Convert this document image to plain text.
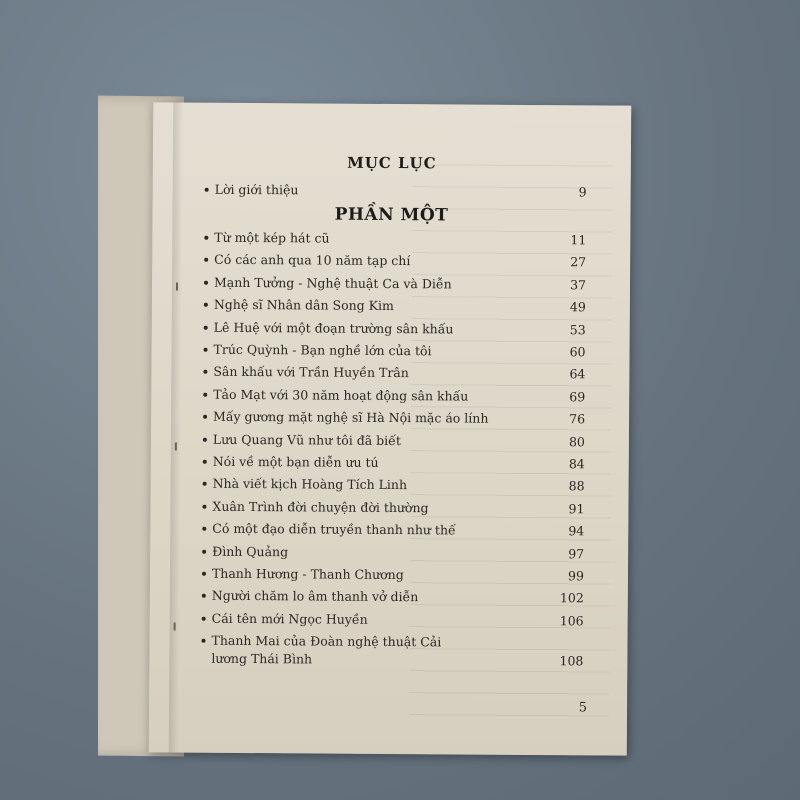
MỤC LỤC
Lời giới thiệu	9
PHẦN MỘT
Từ một kép hát cũ	11
Có các anh qua 10 năm tạp chí	27
Mạnh Tưởng - Nghệ thuật Ca và Diễn	37
Nghệ sĩ Nhân dân Song Kim	49
Lê Huệ với một đoạn trường sân khấu	53
Trúc Quỳnh - Bạn nghề lớn của tôi	60
Sân khấu với Trần Huyền Trân	64
Tảo Mạt với 30 năm hoạt động sân khấu	69
Mấy gương mặt nghệ sĩ Hà Nội mặc áo lính	76
Lưu Quang Vũ như tôi đã biết	80
Nói về một bạn diễn ưu tú	84
Nhà viết kịch Hoàng Tích Linh	88
Xuân Trình đời chuyện đời thường	91
Có một đạo diễn truyền thanh như thế	94
Đình Quảng	97
Thanh Hương - Thanh Chương	99
Người chăm lo âm thanh vở diễn	102
Cái tên mới Ngọc Huyền	106
Thanh Mai của Đoàn nghệ thuật Cải lương Thái Bình	108
5
